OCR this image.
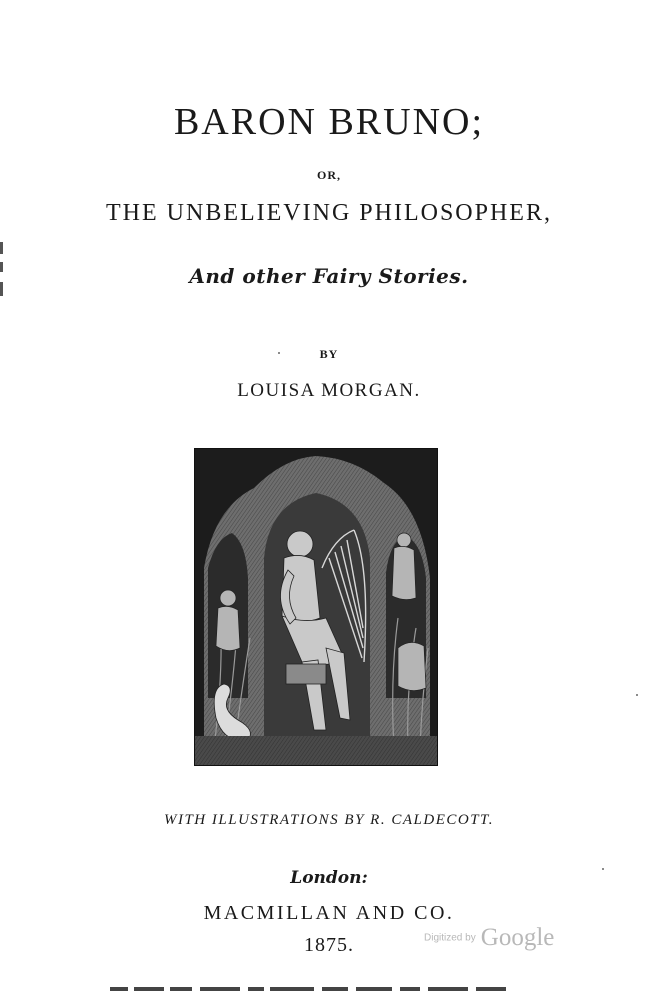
BARON BRUNO;
OR,
THE UNBELIEVING PHILOSOPHER,
And other Fairy Stories.
BY
LOUISA MORGAN.
WITH ILLUSTRATIONS BY R. CALDECOTT.
London:
MACMILLAN AND CO.
1875.	Digitized by Google
